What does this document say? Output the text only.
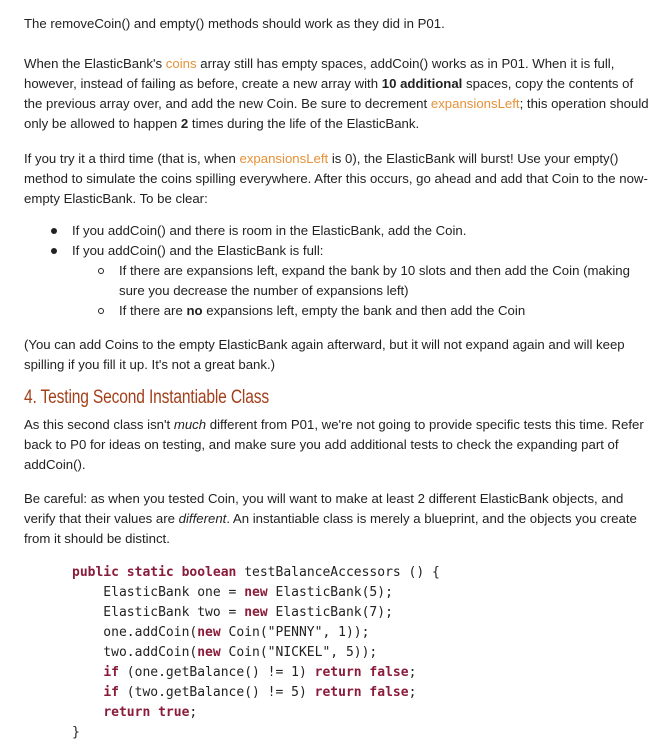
The removeCoin() and empty() methods should work as they did in P01.

When the ElasticBank's coins array still has empty spaces, addCoin() works as in P01. When it is full, however, instead of failing as before, create a new array with 10 additional spaces, copy the contents of the previous array over, and add the new Coin. Be sure to decrement expansionsLeft; this operation should only be allowed to happen 2 times during the life of the ElasticBank.

If you try it a third time (that is, when expansionsLeft is 0), the ElasticBank will burst! Use your empty() method to simulate the coins spilling everywhere. After this occurs, go ahead and add that Coin to the now-empty ElasticBank. To be clear:

If you addCoin() and there is room in the ElasticBank, add the Coin.
If you addCoin() and the ElasticBank is full:
If there are expansions left, expand the bank by 10 slots and then add the Coin (making sure you decrease the number of expansions left)
If there are no expansions left, empty the bank and then add the Coin

(You can add Coins to the empty ElasticBank again afterward, but it will not expand again and will keep spilling if you fill it up. It's not a great bank.)

4. Testing Second Instantiable Class

As this second class isn't much different from P01, we're not going to provide specific tests this time. Refer back to P0 for ideas on testing, and make sure you add additional tests to check the expanding part of addCoin().

Be careful: as when you tested Coin, you will want to make at least 2 different ElasticBank objects, and verify that their values are different. An instantiable class is merely a blueprint, and the objects you create from it should be distinct.

public static boolean testBalanceAccessors () {
ElasticBank one = new ElasticBank(5);
ElasticBank two = new ElasticBank(7);
one.addCoin(new Coin("PENNY", 1));
two.addCoin(new Coin("NICKEL", 5));
if (one.getBalance() != 1) return false;
if (two.getBalance() != 5) return false;
return true;
}
